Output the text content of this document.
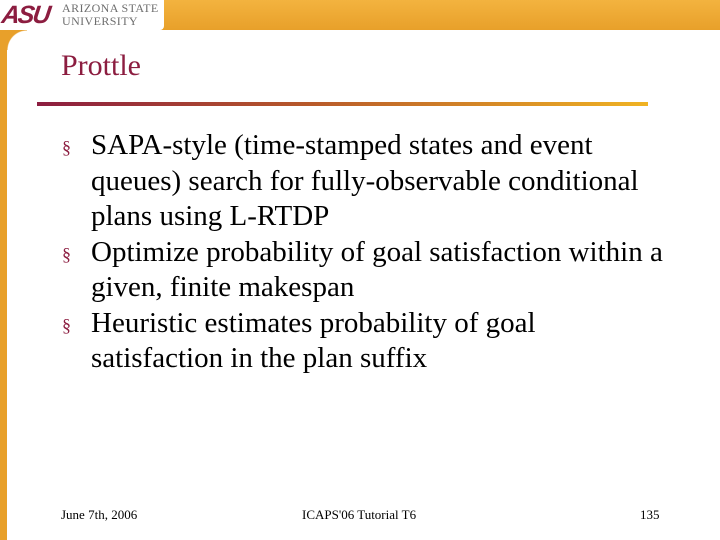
ASU ARIZONA STATE
UNIVERSITY
Prottle
§ SAPA-style (time-stamped states and event queues) search for fully-observable conditional plans using L-RTDP
§ Optimize probability of goal satisfaction within a given, finite makespan
§ Heuristic estimates probability of goal satisfaction in the plan suffix
June 7th, 2006	ICAPS'06 Tutorial T6	135
